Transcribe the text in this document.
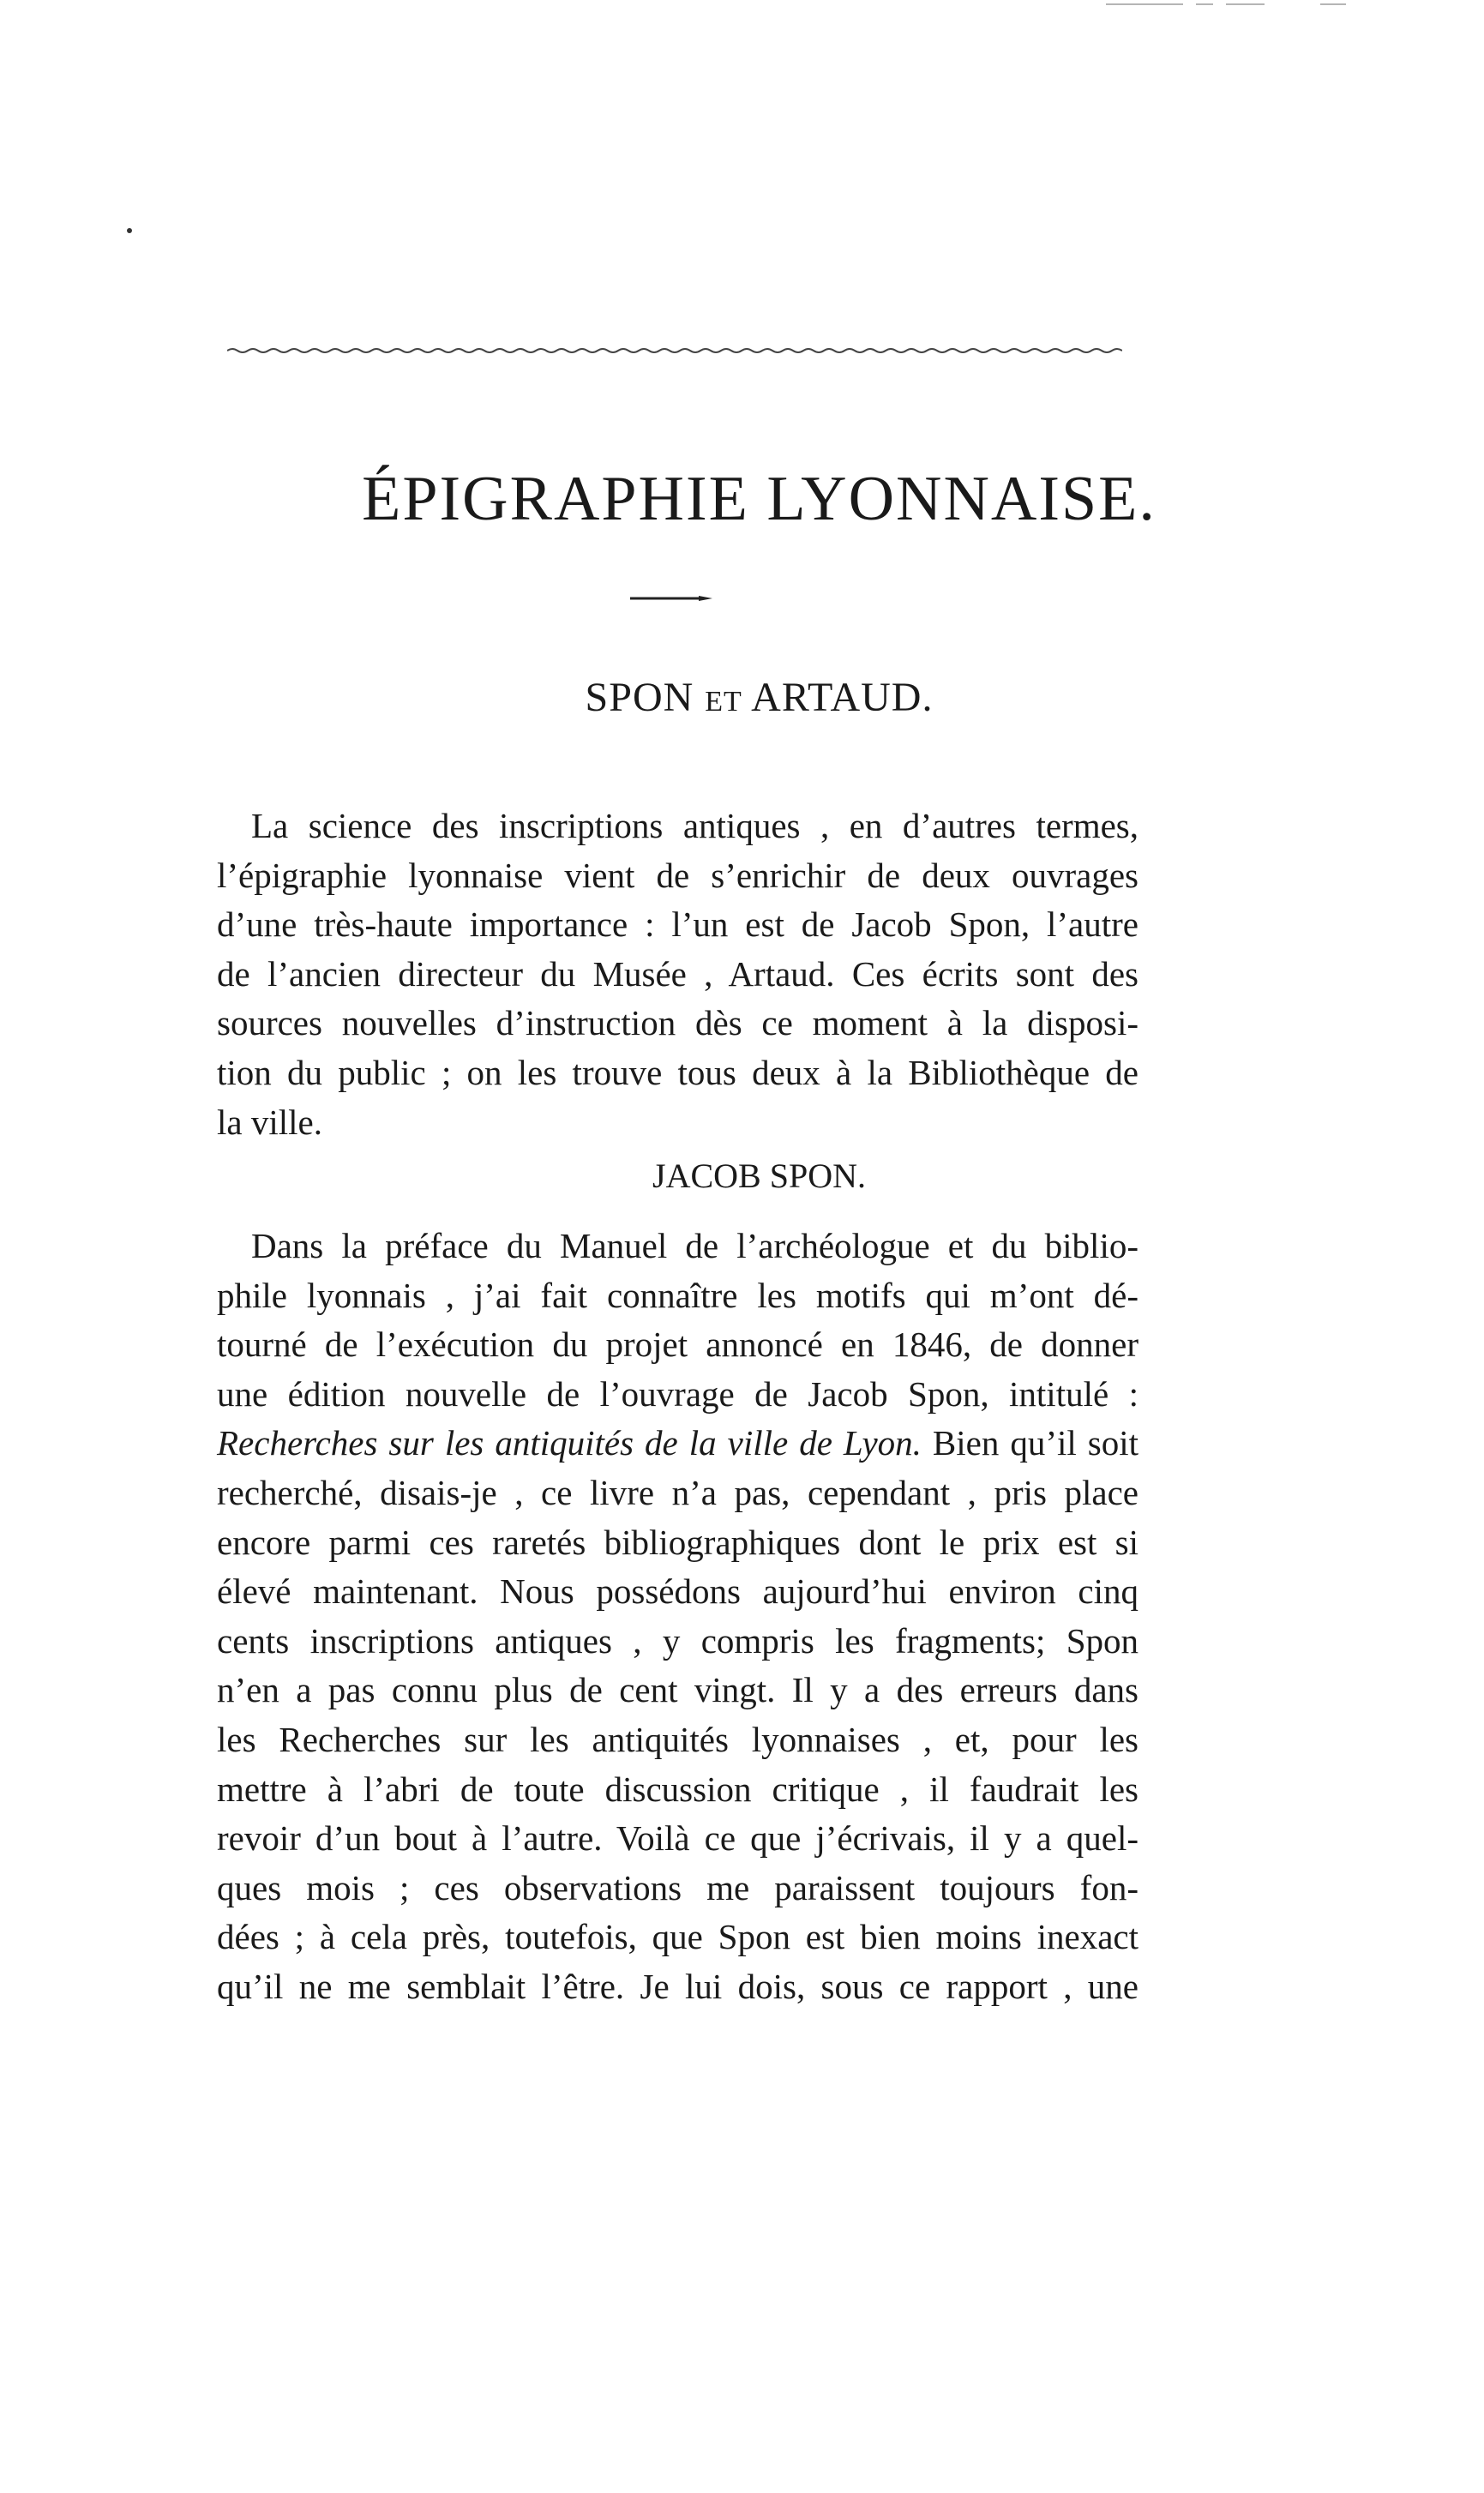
ÉPIGRAPHIE LYONNAISE.
SPON ET ARTAUD.
La science des inscriptions antiques , en d’autres termes,
l’épigraphie lyonnaise vient de s’enrichir de deux ouvrages
d’une très-haute importance : l’un est de Jacob Spon, l’autre
de l’ancien directeur du Musée , Artaud. Ces écrits sont des
sources nouvelles d’instruction dès ce moment à la disposi-
tion du public ; on les trouve tous deux à la Bibliothèque de
la ville.
JACOB SPON.
Dans la préface du Manuel de l’archéologue et du biblio-
phile lyonnais , j’ai fait connaître les motifs qui m’ont dé-
tourné de l’exécution du projet annoncé en 1846, de donner
une édition nouvelle de l’ouvrage de Jacob Spon, intitulé :
Recherches sur les antiquités de la ville de Lyon. Bien qu’il soit
recherché, disais-je , ce livre n’a pas, cependant , pris place
encore parmi ces raretés bibliographiques dont le prix est si
élevé maintenant. Nous possédons aujourd’hui environ cinq
cents inscriptions antiques , y compris les fragments; Spon
n’en a pas connu plus de cent vingt. Il y a des erreurs dans
les Recherches sur les antiquités lyonnaises , et, pour les
mettre à l’abri de toute discussion critique , il faudrait les
revoir d’un bout à l’autre. Voilà ce que j’écrivais, il y a quel-
ques mois ; ces observations me paraissent toujours fon-
dées ; à cela près, toutefois, que Spon est bien moins inexact
qu’il ne me semblait l’être. Je lui dois, sous ce rapport , une
